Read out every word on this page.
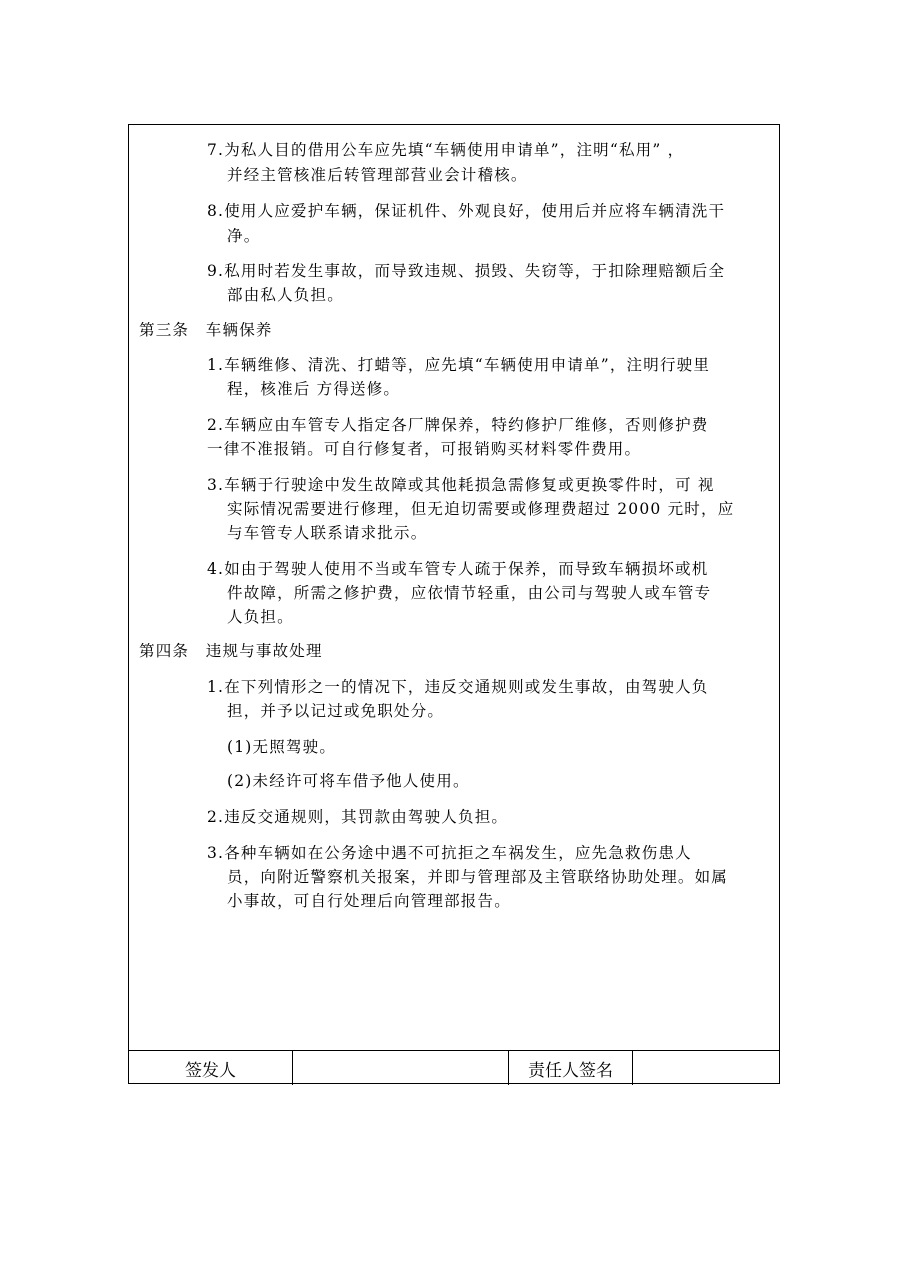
7.为私人目的借用公车应先填“车辆使用申请单”，注明“私用” ，
并经主管核准后转管理部营业会计稽核。
8.使用人应爱护车辆，保证机件、外观良好，使用后并应将车辆清洗干
净。
9.私用时若发生事故，而导致违规、损毁、失窃等，于扣除理赔额后全
部由私人负担。
第三条　车辆保养
1.车辆维修、清洗、打蜡等，应先填“车辆使用申请单”，注明行驶里
程，核准后 方得送修。
2.车辆应由车管专人指定各厂牌保养，特约修护厂维修，否则修护费
一律不准报销。可自行修复者，可报销购买材料零件费用。
3.车辆于行驶途中发生故障或其他耗损急需修复或更换零件时，可 视
实际情况需要进行修理，但无迫切需要或修理费超过 2000 元时，应
与车管专人联系请求批示。
4.如由于驾驶人使用不当或车管专人疏于保养，而导致车辆损坏或机
件故障，所需之修护费，应依情节轻重，由公司与驾驶人或车管专
人负担。
第四条　违规与事故处理
1.在下列情形之一的情况下，违反交通规则或发生事故，由驾驶人负
担，并予以记过或免职处分。
(1)无照驾驶。
(2)未经许可将车借予他人使用。
2.违反交通规则，其罚款由驾驶人负担。
3.各种车辆如在公务途中遇不可抗拒之车祸发生，应先急救伤患人
员，向附近警察机关报案，并即与管理部及主管联络协助处理。如属
小事故，可自行处理后向管理部报告。
签发人	责任人签名
